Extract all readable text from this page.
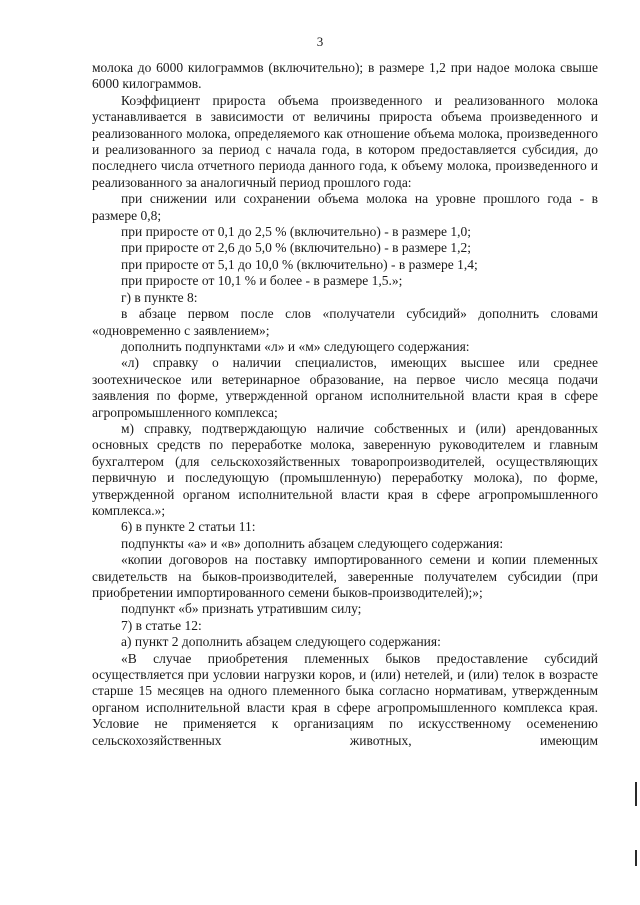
3

молока до 6000 килограммов (включительно); в размере 1,2 при надое молока свыше 6000 килограммов.

Коэффициент прироста объема произведенного и реализованного молока устанавливается в зависимости от величины прироста объема произведенного и реализованного молока, определяемого как отношение объема молока, произведенного и реализованного за период с начала года, в котором предоставляется субсидия, до последнего числа отчетного периода данного года, к объему молока, произведенного и реализованного за аналогичный период прошлого года:

при снижении или сохранении объема молока на уровне прошлого года - в размере 0,8;

при приросте от 0,1 до 2,5 % (включительно) - в размере 1,0;

при приросте от 2,6 до 5,0 % (включительно) - в размере 1,2;

при приросте от 5,1 до 10,0 % (включительно) - в размере 1,4;

при приросте от 10,1 % и более - в размере 1,5.»;

г) в пункте 8:

в абзаце первом после слов «получатели субсидий» дополнить словами «одновременно с заявлением»;

дополнить подпунктами «л» и «м» следующего содержания:

«л) справку о наличии специалистов, имеющих высшее или среднее зоотехническое или ветеринарное образование, на первое число месяца подачи заявления по форме, утвержденной органом исполнительной власти края в сфере агропромышленного комплекса;

м) справку, подтверждающую наличие собственных и (или) арендованных основных средств по переработке молока, заверенную руководителем и главным бухгалтером (для сельскохозяйственных товаропроизводителей, осуществляющих первичную и последующую (промышленную) переработку молока), по форме, утвержденной органом исполнительной власти края в сфере агропромышленного комплекса.»;

6) в пункте 2 статьи 11:

подпункты «а» и «в» дополнить абзацем следующего содержания:

«копии договоров на поставку импортированного семени и копии племенных свидетельств на быков-производителей, заверенные получателем субсидии (при приобретении импортированного семени быков-производителей);»;

подпункт «б» признать утратившим силу;

7) в статье 12:

а) пункт 2 дополнить абзацем следующего содержания:

«В случае приобретения племенных быков предоставление субсидий осуществляется при условии нагрузки коров, и (или) нетелей, и (или) телок в возрасте старше 15 месяцев на одного племенного быка согласно нормативам, утвержденным органом исполнительной власти края в сфере агропромышленного комплекса края. Условие не применяется к организациям по искусственному осеменению сельскохозяйственных животных, имеющим
